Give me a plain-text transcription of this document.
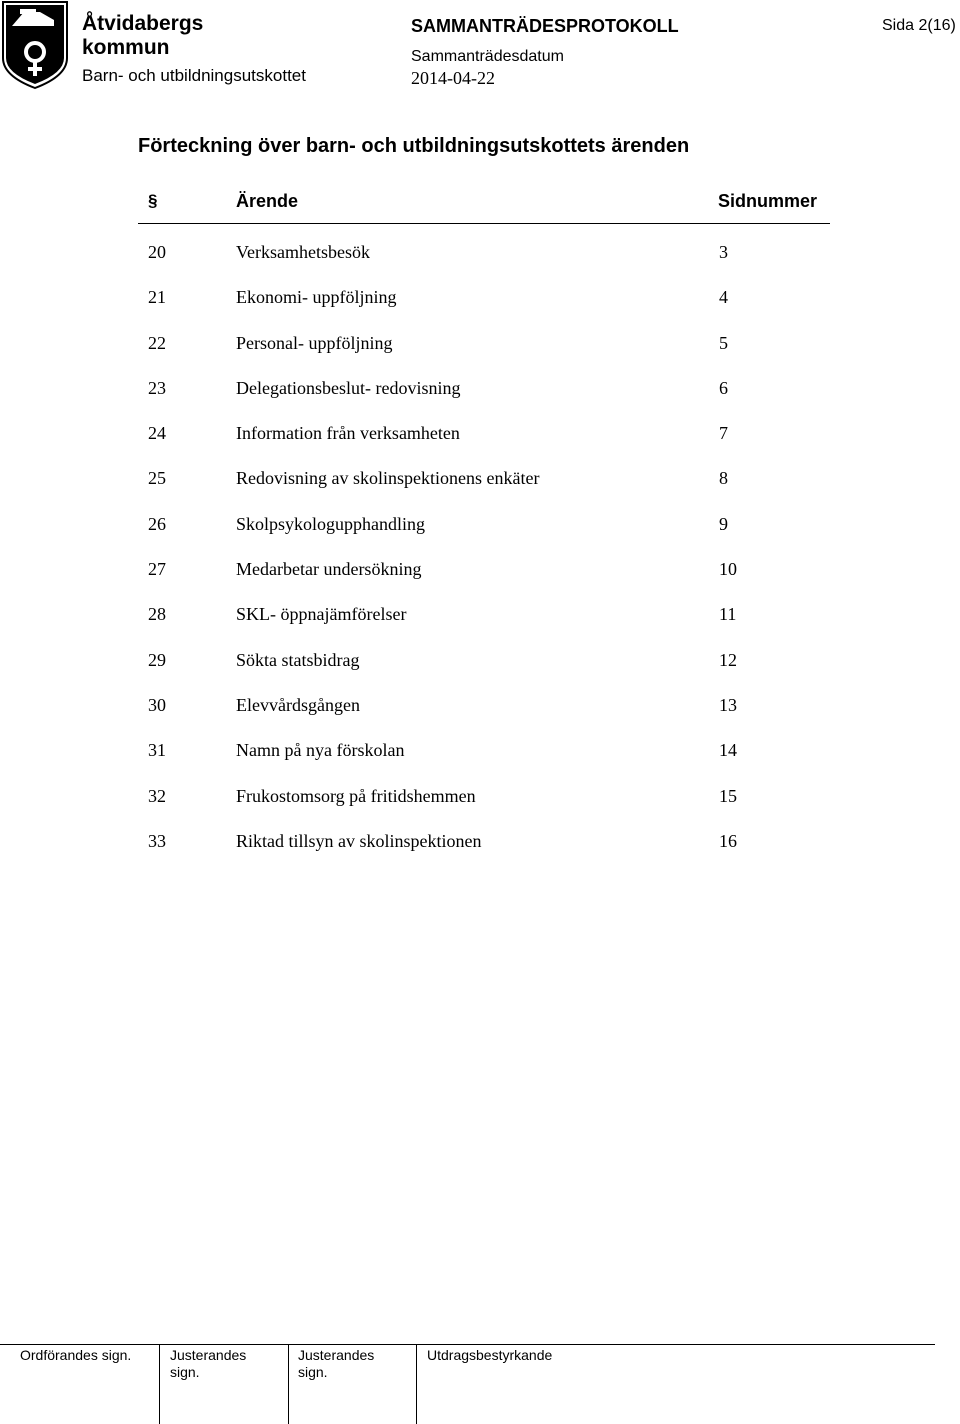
Åtvidabergs
kommun
Barn- och utbildningsutskottet
SAMMANTRÄDESPROTOKOLL
Sammanträdesdatum
2014-04-22
Sida 2(16)
Förteckning över barn- och utbildningsutskottets ärenden
§	Ärende	Sidnummer
20	Verksamhetsbesök	3
21	Ekonomi- uppföljning	4
22	Personal- uppföljning	5
23	Delegationsbeslut- redovisning	6
24	Information från verksamheten	7
25	Redovisning av skolinspektionens enkäter	8
26	Skolpsykologupphandling	9
27	Medarbetar undersökning	10
28	SKL- öppnajämförelser	11
29	Sökta statsbidrag	12
30	Elevvårdsgången	13
31	Namn på nya förskolan	14
32	Frukostomsorg på fritidshemmen	15
33	Riktad tillsyn av skolinspektionen	16
Ordförandes sign.	Justerandes
sign.
Justerandes
sign.
Utdragsbestyrkande
